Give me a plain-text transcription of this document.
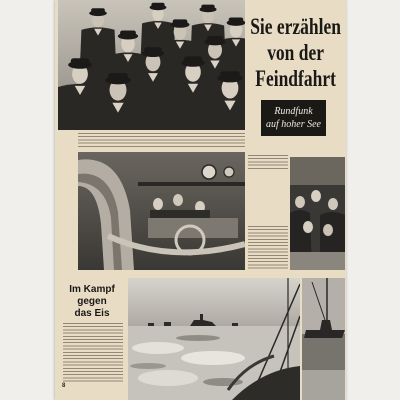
Sie erzählen
von der
Feindfahrt
Rundfunk
auf hoher See
Im Kampf
gegen
das Eis
8
